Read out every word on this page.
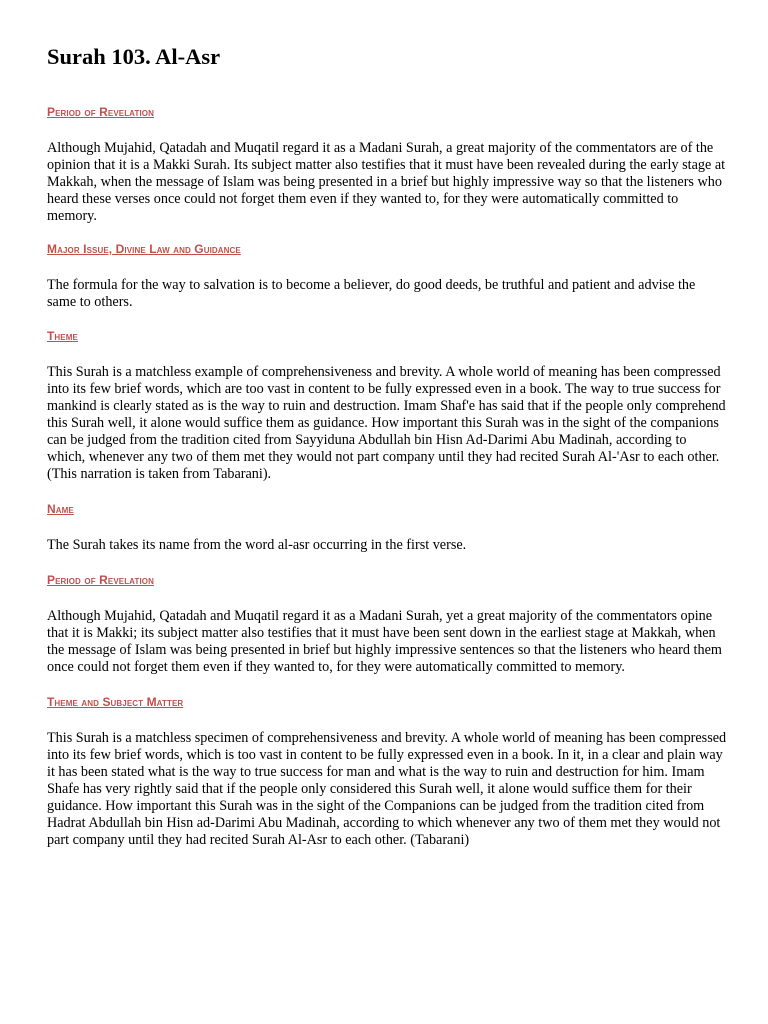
Surah 103. Al-Asr
Period of Revelation

Although Mujahid, Qatadah and Muqatil regard it as a Madani Surah, a great majority of the commentators are of the opinion that it is a Makki Surah. Its subject matter also testifies that it must have been revealed during the early stage at Makkah, when the message of Islam was being presented in a brief but highly impressive way so that the listeners who heard these verses once could not forget them even if they wanted to, for they were automatically committed to memory.

Major Issue, Divine Law and Guidance

The formula for the way to salvation is to become a believer, do good deeds, be truthful and patient and advise the same to others.

Theme

This Surah is a matchless example of comprehensiveness and brevity. A whole world of meaning has been compressed into its few brief words, which are too vast in content to be fully expressed even in a book. The way to true success for mankind is clearly stated as is the way to ruin and destruction. Imam Shaf'e has said that if the people only comprehend this Surah well, it alone would suffice them as guidance. How important this Surah was in the sight of the companions can be judged from the tradition cited from Sayyiduna Abdullah bin Hisn Ad-Darimi Abu Madinah, according to which, whenever any two of them met they would not part company until they had recited Surah Al-'Asr to each other. (This narration is taken from Tabarani).

Name

The Surah takes its name from the word al-asr occurring in the first verse.

Period of Revelation

Although Mujahid, Qatadah and Muqatil regard it as a Madani Surah, yet a great majority of the commentators opine that it is Makki; its subject matter also testifies that it must have been sent down in the earliest stage at Makkah, when the message of Islam was being presented in brief but highly impressive sentences so that the listeners who heard them once could not forget them even if they wanted to, for they were automatically committed to memory.

Theme and Subject Matter

This Surah is a matchless specimen of comprehensiveness and brevity. A whole world of meaning has been compressed into its few brief words, which is too vast in content to be fully expressed even in a book. In it, in a clear and plain way it has been stated what is the way to true success for man and what is the way to ruin and destruction for him. Imam Shafe has very rightly said that if the people only considered this Surah well, it alone would suffice them for their guidance. How important this Surah was in the sight of the Companions can be judged from the tradition cited from Hadrat Abdullah bin Hisn ad-Darimi Abu Madinah, according to which whenever any two of them met they would not part company until they had recited Surah Al-Asr to each other. (Tabarani)
